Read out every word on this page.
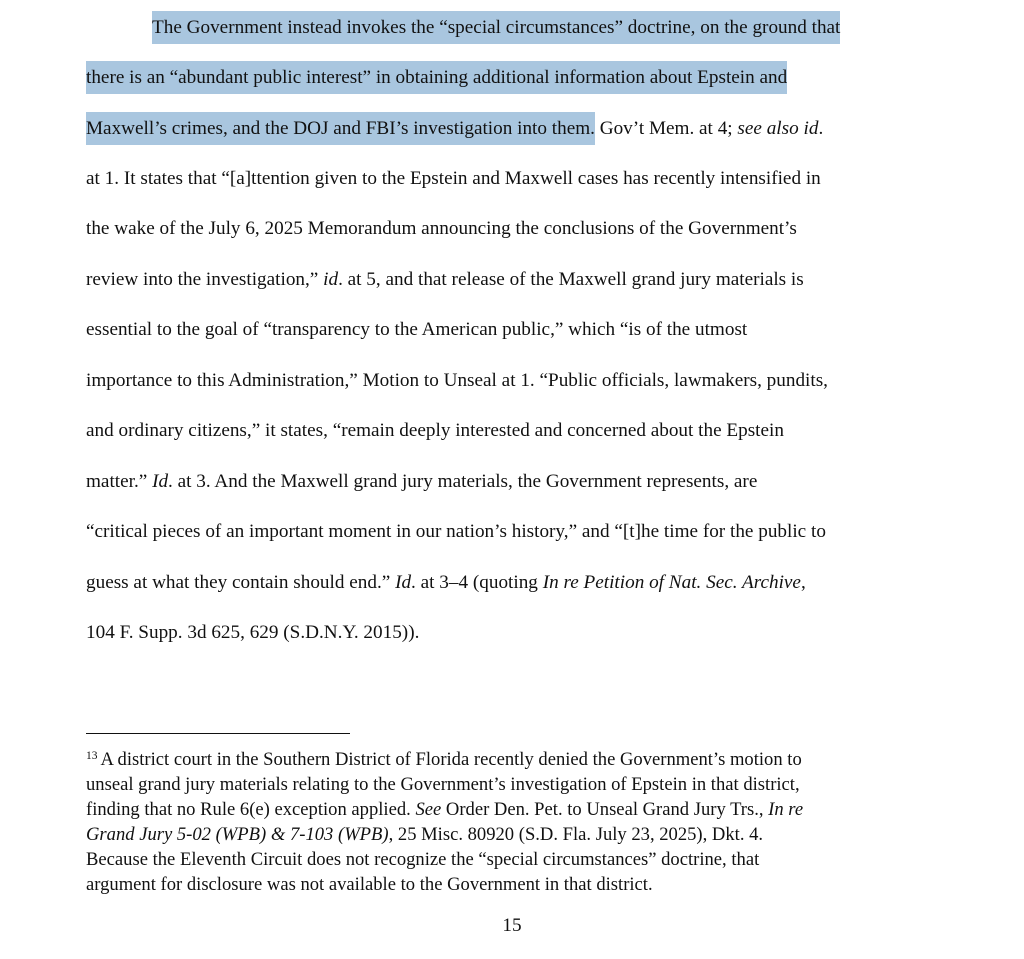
The Government instead invokes the “special circumstances” doctrine, on the ground that
there is an “abundant public interest” in obtaining additional information about Epstein and
Maxwell’s crimes, and the DOJ and FBI’s investigation into them. Gov’t Mem. at 4; see also id.
at 1. It states that “[a]ttention given to the Epstein and Maxwell cases has recently intensified in
the wake of the July 6, 2025 Memorandum announcing the conclusions of the Government’s
review into the investigation,” id. at 5, and that release of the Maxwell grand jury materials is
essential to the goal of “transparency to the American public,” which “is of the utmost
importance to this Administration,” Motion to Unseal at 1. “Public officials, lawmakers, pundits,
and ordinary citizens,” it states, “remain deeply interested and concerned about the Epstein
matter.” Id. at 3. And the Maxwell grand jury materials, the Government represents, are
“critical pieces of an important moment in our nation’s history,” and “[t]he time for the public to
guess at what they contain should end.” Id. at 3–4 (quoting In re Petition of Nat. Sec. Archive,
104 F. Supp. 3d 625, 629 (S.D.N.Y. 2015)).
$^{13}$ A district court in the Southern District of Florida recently denied the Government’s motion to
unseal grand jury materials relating to the Government’s investigation of Epstein in that district,
finding that no Rule 6(e) exception applied. See Order Den. Pet. to Unseal Grand Jury Trs., In re
Grand Jury 5-02 (WPB) & 7-103 (WPB), 25 Misc. 80920 (S.D. Fla. July 23, 2025), Dkt. 4.
Because the Eleventh Circuit does not recognize the “special circumstances” doctrine, that
argument for disclosure was not available to the Government in that district.
15
